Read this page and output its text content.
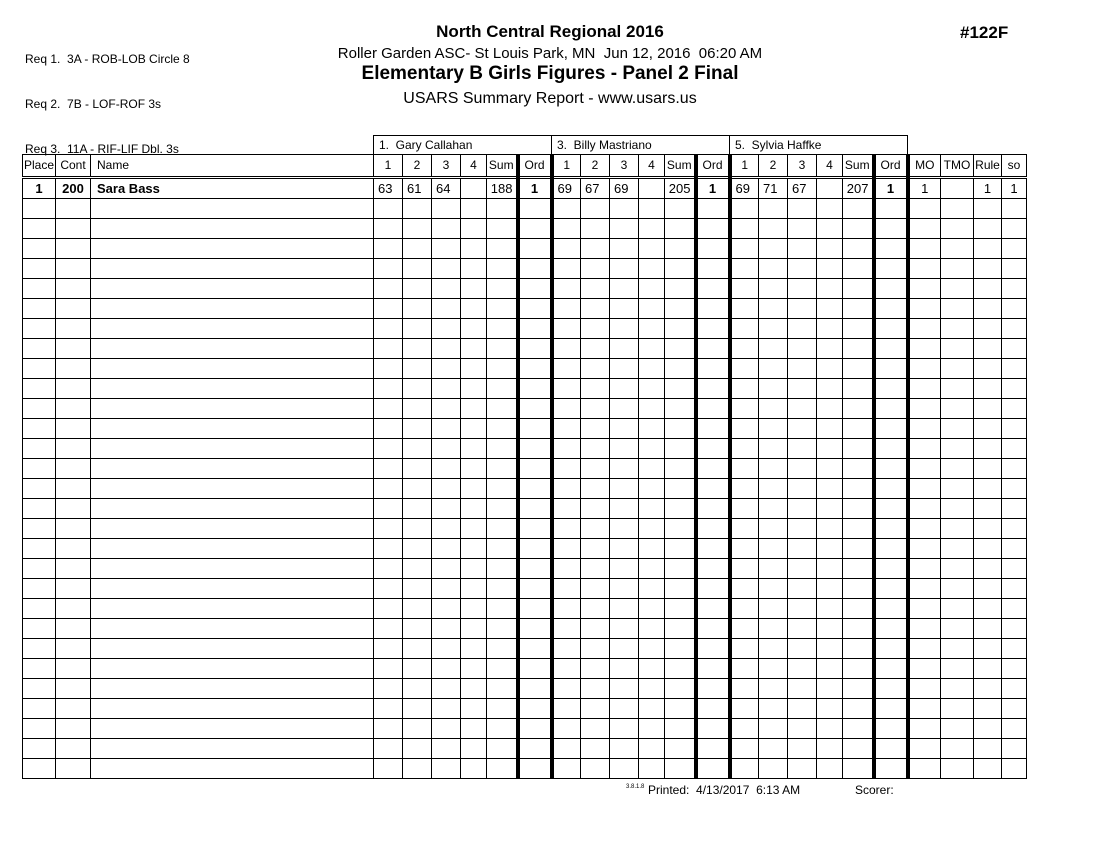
Req 1.  3A - ROB-LOB Circle 8

Req 2.  7B - LOF-ROF 3s

Req 3.  11A - RIF-LIF Dbl. 3s

North Central Regional 2016
Roller Garden ASC- St Louis Park, MN  Jun 12, 2016  06:20 AM
Elementary B Girls Figures - Panel 2 Final
USARS Summary Report - www.usars.us
#122F
			1.  Gary Callahan						3.  Billy Mastriano						5.  Sylvia Haffke									
Place	Cont	Name	1	2	3	4	Sum	Ord	1	2	3	4	Sum	Ord	1	2	3	4	Sum	Ord	MO	TMO	Rule	so
1	200	Sara Bass	63	61	64		188	1	69	67	69		205	1	69	71	67		207	1	1		1	1

3.8.1.8 Printed:  4/13/2017  6:13 AM	Scorer:
